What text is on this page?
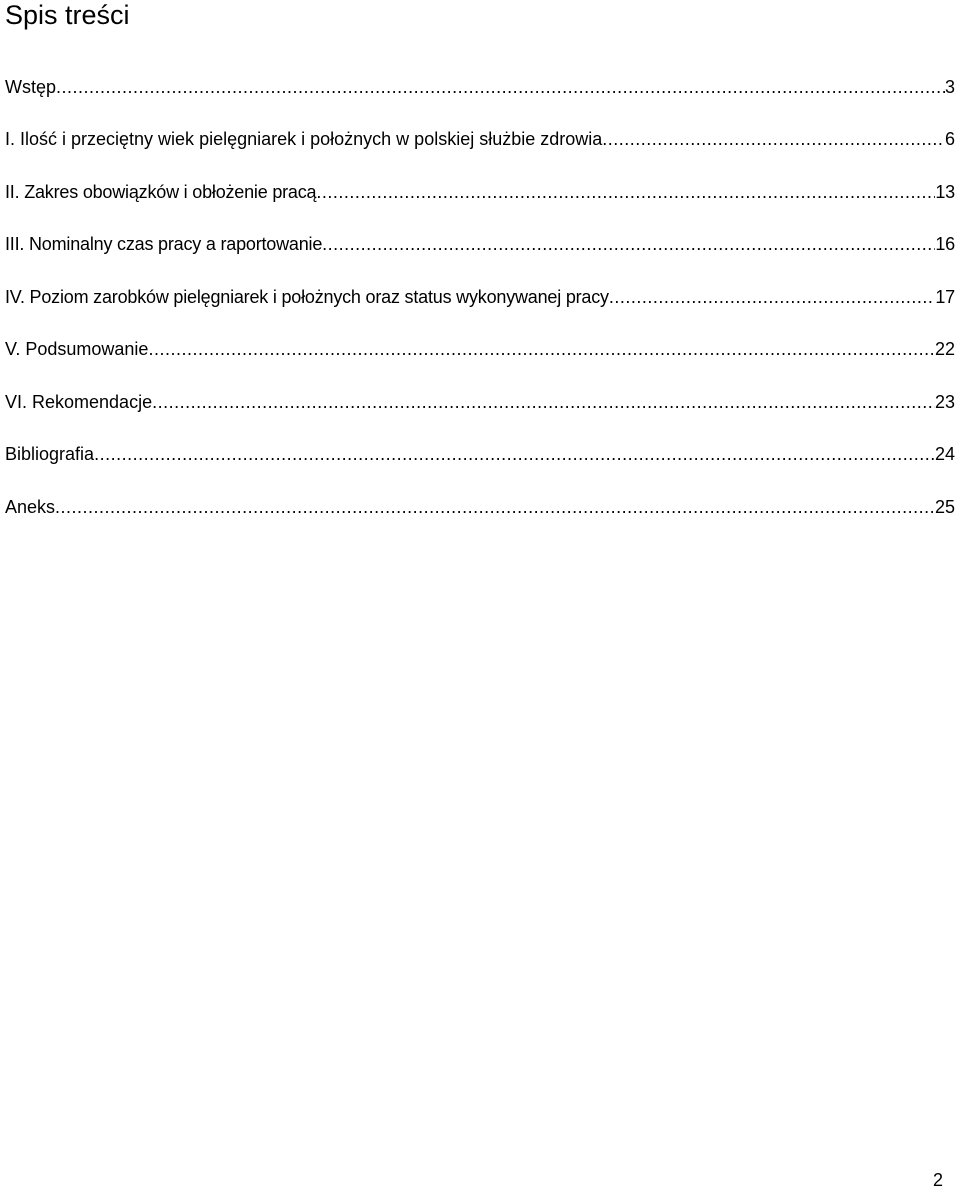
Spis treści
Wstęp .....	3
I. Ilość i przeciętny wiek pielęgniarek i położnych w polskiej służbie zdrowia .....	6
II. Zakres obowiązków i obłożenie pracą .....	13
III. Nominalny czas pracy a raportowanie .....	16
IV. Poziom zarobków pielęgniarek i położnych oraz status wykonywanej pracy .....	17
V. Podsumowanie .....	22
VI. Rekomendacje .....	23
Bibliografia .....	24
Aneks .....	25
2
